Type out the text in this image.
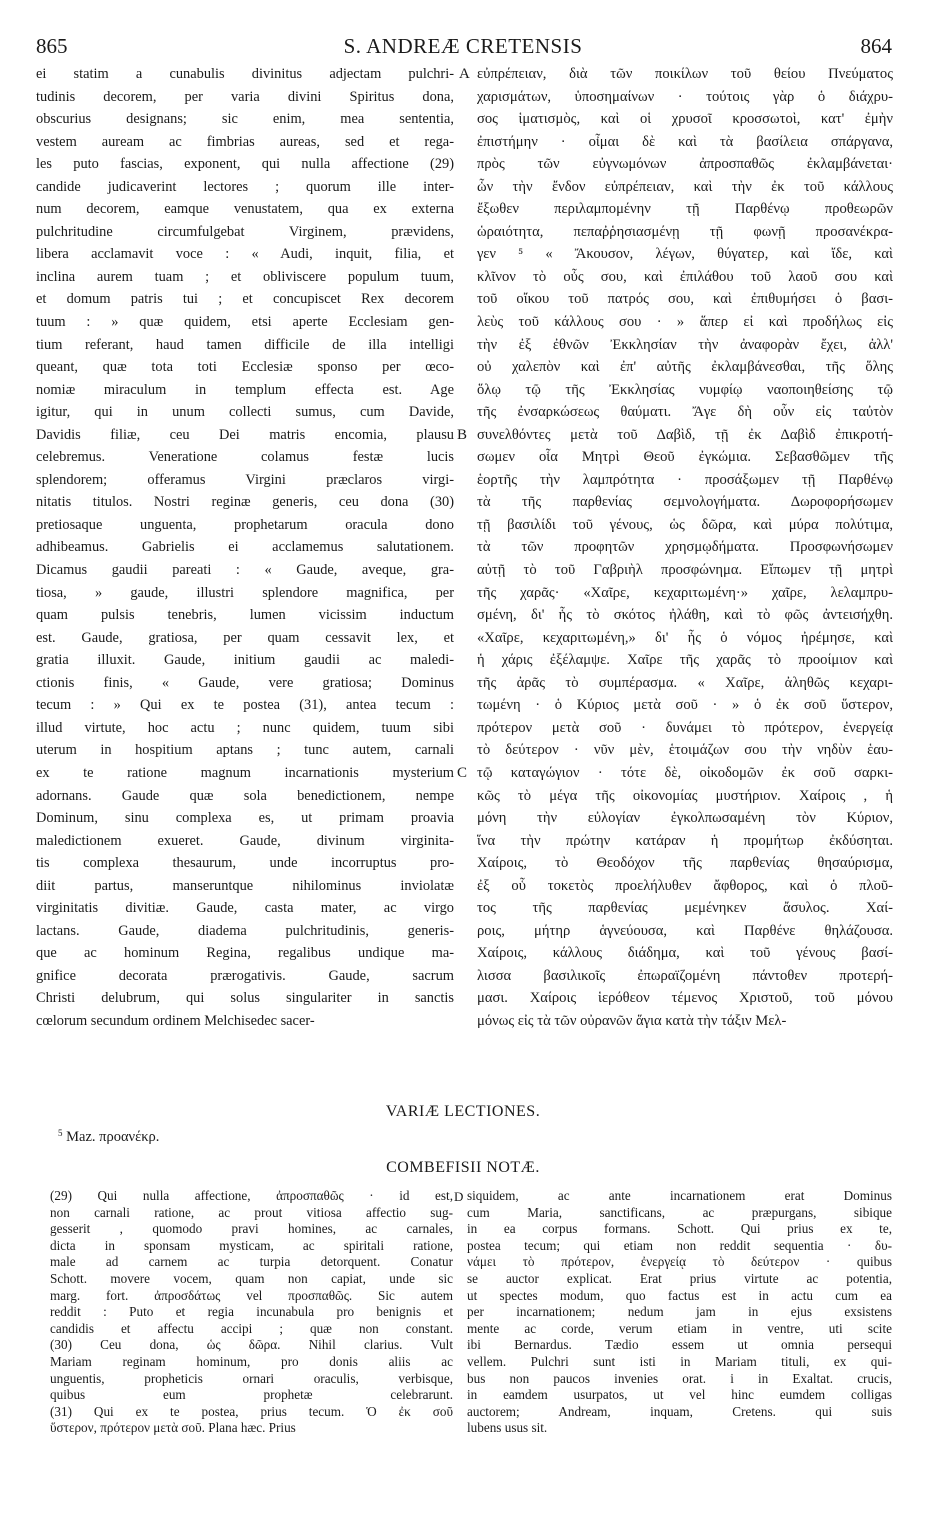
865	S. ANDREÆ CRETENSIS	864
ei statim a cunabulis divinitus adjectam pulchri-
tudinis decorem, per varia divini Spiritus dona,
obscurius designans; sic enim, mea sententia,
vestem auream ac fimbrias aureas, sed et rega-
les puto fascias, exponent, qui nulla affectione (29)
candide judicaverint lectores ; quorum ille inter-
num decorem, eamque venustatem, qua ex externa
pulchritudine circumfulgebat Virginem, prævidens,
libera acclamavit voce : « Audi, inquit, filia, et
inclina aurem tuam ; et obliviscere populum tuum,
et domum patris tui ; et concupiscet Rex decorem
tuum : » quæ quidem, etsi aperte Ecclesiam gen-
tium referant, haud tamen difficile de illa intelligi
queant, quæ tota toti Ecclesiæ sponso per œco-
nomiæ miraculum in templum effecta est. Age
igitur, qui in unum collecti sumus, cum Davide,
Davidis filiæ, ceu Dei matris encomia, plausu
celebremus. Veneratione colamus festæ lucis
splendorem; offeramus Virgini præclaros virgi-
nitatis titulos. Nostri reginæ generis, ceu dona (30)
pretiosaque unguenta, prophetarum oracula dono
adhibeamus. Gabrielis ei acclamemus salutationem.
Dicamus gaudii pareati : « Gaude, aveque, gra-
tiosa, » gaude, illustri splendore magnifica, per
quam pulsis tenebris, lumen vicissim inductum
est. Gaude, gratiosa, per quam cessavit lex, et
gratia illuxit. Gaude, initium gaudii ac maledi-
ctionis finis, « Gaude, vere gratiosa; Dominus
tecum : » Qui ex te postea (31), antea tecum :
illud virtute, hoc actu ; nunc quidem, tuum sibi
uterum in hospitium aptans ; tunc autem, carnali
ex te ratione magnum incarnationis mysterium
adornans. Gaude quæ sola benedictionem, nempe
Dominum, sinu complexa es, ut primam proavia
maledictionem exueret. Gaude, divinum virginita-
tis complexa thesaurum, unde incorruptus pro-
diit partus, manseruntque nihilominus inviolatæ
virginitatis divitiæ. Gaude, casta mater, ac virgo
lactans. Gaude, diadema pulchritudinis, generis-
que ac hominum Regina, regalibus undique ma-
gnifice decorata prærogativis. Gaude, sacrum
Christi delubrum, qui solus singulariter in sanctis
cœlorum secundum ordinem Melchisedec sacer-
εὐπρέπειαν, διὰ τῶν ποικίλων τοῦ θείου Πνεύματος
χαρισμάτων, ὑποσημαίνων · τούτοις γὰρ ὁ διάχρυ-
σος ἱματισμὸς, καὶ οἱ χρυσοῖ κροσσωτοὶ, κατ' ἐμὴν
ἐπιστήμην · οἶμαι δὲ καὶ τὰ βασίλεια σπάργανα,
πρὸς τῶν εὐγνωμόνων ἀπροσπαθῶς ἐκλαμβάνεται·
ὧν τὴν ἔνδον εὐπρέπειαν, καὶ τὴν ἐκ τοῦ κάλλους
ἔξωθεν περιλαμπομένην τῇ Παρθένῳ προθεωρῶν
ὡραιότητα, πεπαῤῥησιασμένῃ τῇ φωνῇ προσανέκρα-
γεν ⁵ « Ἄκουσον, λέγων, θύγατερ, καὶ ἴδε, καὶ
κλῖνον τὸ οὖς σου, καὶ ἐπιλάθου τοῦ λαοῦ σου καὶ
τοῦ οἴκου τοῦ πατρός σου, καὶ ἐπιθυμήσει ὁ βασι-
λεὺς τοῦ κάλλους σου · » ἅπερ εἰ καὶ προδήλως εἰς
τὴν ἐξ ἐθνῶν Ἐκκλησίαν τὴν ἀναφορὰν ἔχει, ἀλλ'
οὐ χαλεπὸν καὶ ἐπ' αὐτῆς ἐκλαμβάνεσθαι, τῆς ὅλης
ὅλῳ τῷ τῆς Ἐκκλησίας νυμφίῳ ναοποιηθείσης τῷ
τῆς ἐνσαρκώσεως θαύματι. Ἄγε δὴ οὖν εἰς ταὐτὸν
συνελθόντες μετὰ τοῦ Δαβὶδ, τῇ ἐκ Δαβὶδ ἐπικροτή-
σωμεν οἷα Μητρὶ Θεοῦ ἐγκώμια. Σεβασθῶμεν τῆς
ἑορτῆς τὴν λαμπρότητα · προσάξωμεν τῇ Παρθένῳ
τὰ τῆς παρθενίας σεμνολογήματα. Δωροφορήσωμεν
τῇ βασιλίδι τοῦ γένους, ὡς δῶρα, καὶ μύρα πολύτιμα,
τὰ τῶν προφητῶν χρησμῳδήματα. Προσφωνήσωμεν
αὐτῇ τὸ τοῦ Γαβριὴλ προσφώνημα. Εἴπωμεν τῇ μητρὶ
τῆς χαρᾶς· «Χαῖρε, κεχαριτωμένη·» χαῖρε, λελαμπρυ-
σμένη, δι' ἧς τὸ σκότος ἠλάθη, καὶ τὸ φῶς ἀντεισήχθη.
«Χαῖρε, κεχαριτωμένη,» δι' ἧς ὁ νόμος ἠρέμησε, καὶ
ἡ χάρις ἐξέλαμψε. Χαῖρε τῆς χαρᾶς τὸ προοίμιον καὶ
τῆς ἀρᾶς τὸ συμπέρασμα. « Χαῖρε, ἀληθῶς κεχαρι-
τωμένη · ὁ Κύριος μετὰ σοῦ · » ὁ ἐκ σοῦ ὕστερον,
πρότερον μετὰ σοῦ · δυνάμει τὸ πρότερον, ἐνεργείᾳ
τὸ δεύτερον · νῦν μὲν, ἑτοιμάζων σου τὴν νηδὺν ἑαυ-
τῷ καταγώγιον · τότε δὲ, οἰκοδομῶν ἐκ σοῦ σαρκι-
κῶς τὸ μέγα τῆς οἰκονομίας μυστήριον. Χαίροις , ἡ
μόνη τὴν εὐλογίαν ἐγκολπωσαμένη τὸν Κύριον,
ἵνα τὴν πρώτην κατάραν ἡ προμήτωρ ἐκδύσηται.
Χαίροις, τὸ Θεοδόχον τῆς παρθενίας θησαύρισμα,
ἐξ οὗ τοκετὸς προελήλυθεν ἄφθορος, καὶ ὁ πλοῦ-
τος τῆς παρθενίας μεμένηκεν ἄσυλος. Χαί-
ροις, μήτηρ ἁγνεύουσα, καὶ Παρθένε θηλάζουσα.
Χαίροις, κάλλους διάδημα, καὶ τοῦ γένους βασί-
λισσα βασιλικοῖς ἐπωραϊζομένη πάντοθεν προτερή-
μασι. Χαίροις ἱερόθεον τέμενος Χριστοῦ, τοῦ μόνου
μόνως εἰς τὰ τῶν οὐρανῶν ἅγια κατὰ τὴν τάξιν Μελ-
A
B
C
D
VARIÆ LECTIONES.
$^5$ Maz. προανέκρ.
COMBEFISII NOTÆ.
(29) Qui nulla affectione, ἀπροσπαθῶς · id est,
non carnali ratione, ac prout vitiosa affectio sug-
gesserit , quomodo pravi homines, ac carnales,
dicta in sponsam mysticam, ac spiritali ratione,
male ad carnem ac turpia detorquent. Conatur
Schott. movere vocem, quam non capiat, unde sic
marg. fort. ἀπροσδάτως vel προσπαθῶς. Sic autem
reddit : Puto et regia incunabula pro benignis et
candidis et affectu accipi ; quæ non constant.
(30) Ceu dona, ὡς δῶρα. Nihil clarius. Vult
Mariam reginam hominum, pro donis aliis ac
unguentis, propheticis ornari oraculis, verbisque,
quibus eum prophetæ celebrarunt.
(31) Qui ex te postea, prius tecum. Ὁ ἐκ σοῦ
ὕστερον, πρότερον μετὰ σοῦ. Plana hæc. Prius
siquidem, ac ante incarnationem erat Dominus
cum Maria, sanctificans, ac præpurgans, sibique
in ea corpus formans. Schott. Qui prius ex te,
postea tecum; qui etiam non reddit sequentia · δυ-
νάμει τὸ πρότερον, ἐνεργείᾳ τὸ δεύτερον · quibus
se auctor explicat. Erat prius virtute ac potentia,
ut spectes modum, quo factus est in actu cum ea
per incarnationem; nedum jam in ejus exsistens
mente ac corde, verum etiam in ventre, uti scite
ibi Bernardus. Tædio essem ut omnia persequi
vellem. Pulchri sunt isti in Mariam tituli, ex qui-
bus non paucos invenies orat. i in Exaltat. crucis,
in eamdem usurpatos, ut vel hinc eumdem colligas
auctorem; Andream, inquam, Cretens. qui suis
lubens usus sit.
